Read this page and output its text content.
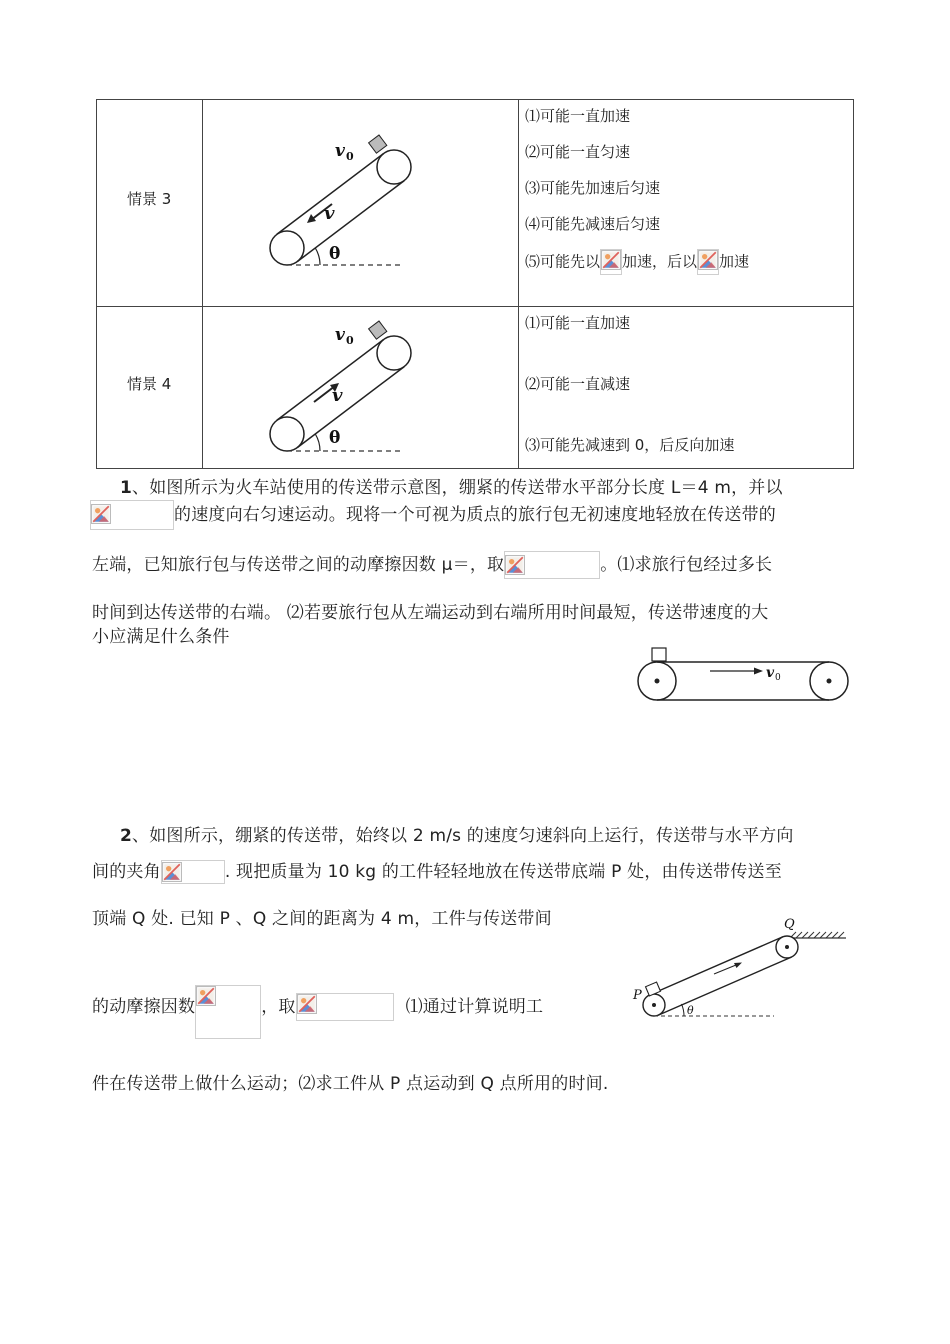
情景 3
v 0
v
θ
⑴可能一直加速
⑵可能一直匀速
⑶可能先加速后匀速
⑷可能先减速后匀速
⑸可能先以 加速，后以 加速
情景 4
v 0
v
θ
⑴可能一直加速
⑵可能一直减速
⑶可能先减速到 0，后反向加速
1、如图所示为火车站使用的传送带示意图，绷紧的传送带水平部分长度 L＝4 m，并以
的速度向右匀速运动。现将一个可视为质点的旅行包无初速度地轻放在传送带的
左端，已知旅行包与传送带之间的动摩擦因数 μ＝，取	。⑴求旅行包经过多长
时间到达传送带的右端。 ⑵若要旅行包从左端运动到右端所用时间最短，传送带速度的大
小应满足什么条件
v 0
2、如图所示，绷紧的传送带，始终以 2 m/s 的速度匀速斜向上运行，传送带与水平方向
间的夹角	. 现把质量为 10 kg 的工件轻轻地放在传送带底端 P 处，由传送带传送至
顶端 Q 处. 已知 P 、Q 之间的距离为 4 m，工件与传送带间
的动摩擦因数	，取	⑴通过计算说明工
件在传送带上做什么运动；⑵求工件从 P 点运动到 Q 点所用的时间.
P
Q
θ
